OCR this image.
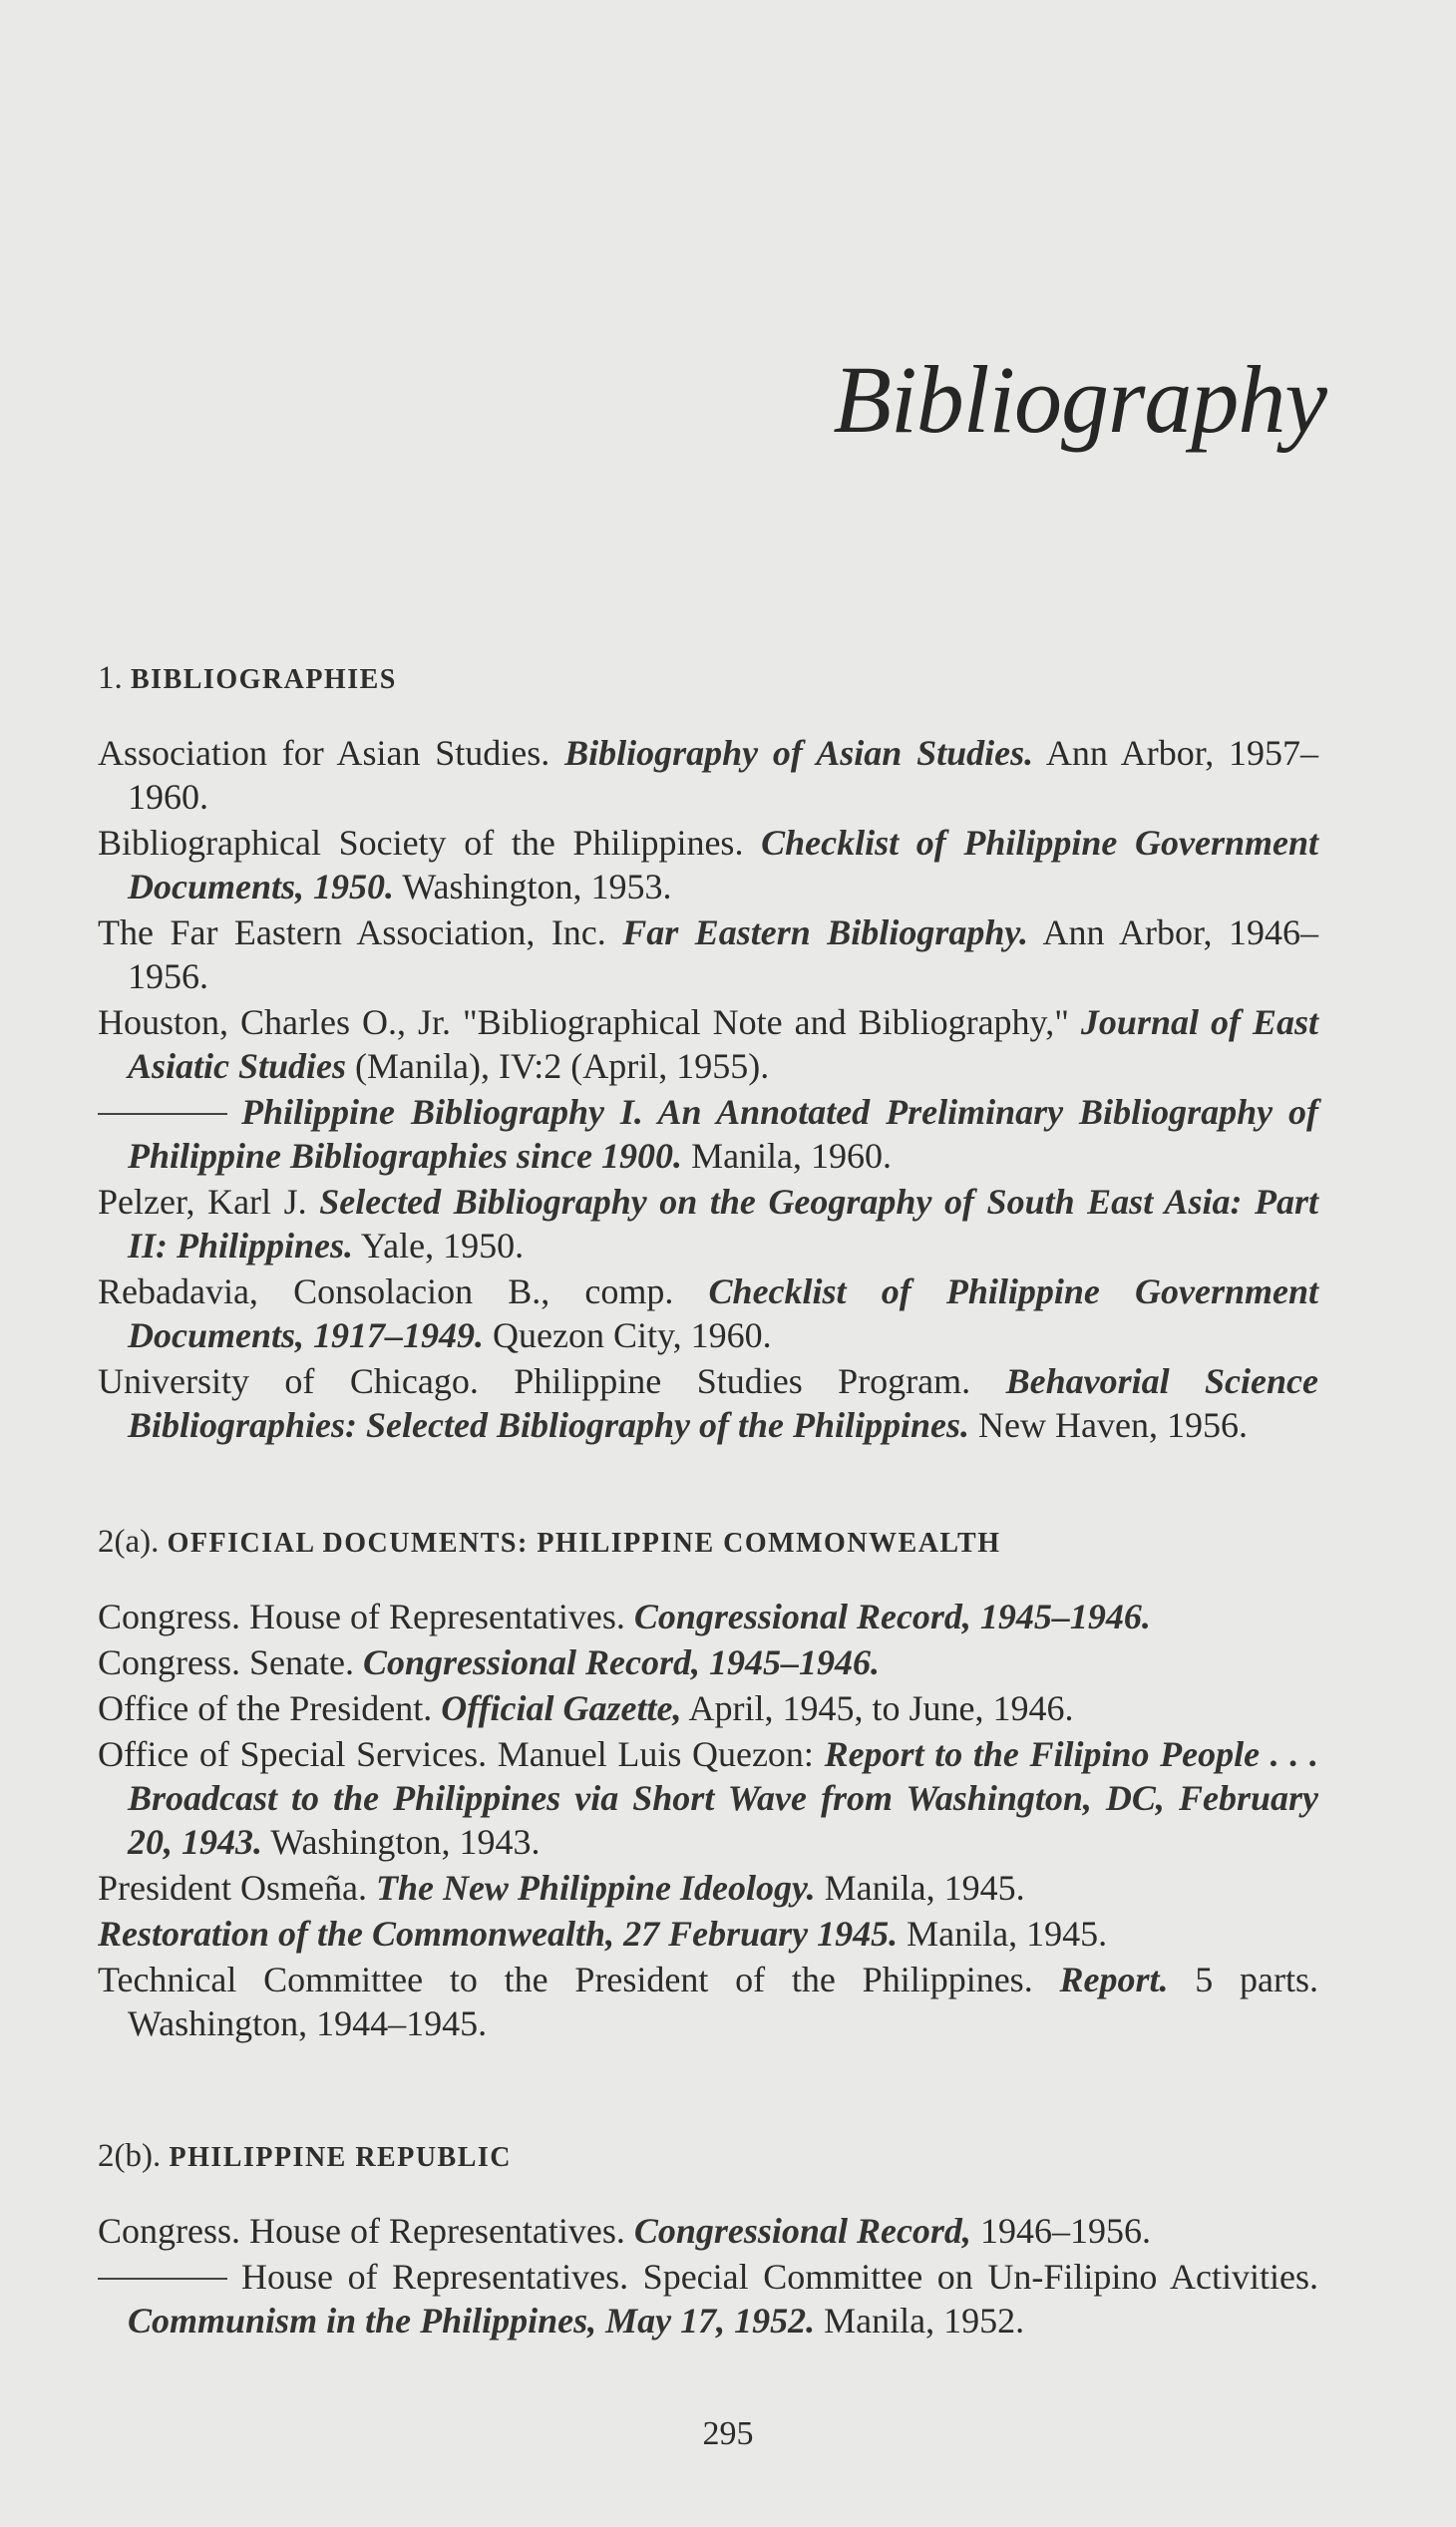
Bibliography
1. BIBLIOGRAPHIES
Association for Asian Studies. Bibliography of Asian Studies. Ann Arbor, 1957–1960.
Bibliographical Society of the Philippines. Checklist of Philippine Government Documents, 1950. Washington, 1953.
The Far Eastern Association, Inc. Far Eastern Bibliography. Ann Arbor, 1946–1956.
Houston, Charles O., Jr. "Bibliographical Note and Bibliography," Journal of East Asiatic Studies (Manila), IV:2 (April, 1955).
Philippine Bibliography I. An Annotated Preliminary Bibliography of Philippine Bibliographies since 1900. Manila, 1960.
Pelzer, Karl J. Selected Bibliography on the Geography of South East Asia: Part II: Philippines. Yale, 1950.
Rebadavia, Consolacion B., comp. Checklist of Philippine Government Documents, 1917–1949. Quezon City, 1960.
University of Chicago. Philippine Studies Program. Behavorial Science Bibliographies: Selected Bibliography of the Philippines. New Haven, 1956.
2(a). OFFICIAL DOCUMENTS: PHILIPPINE COMMONWEALTH
Congress. House of Representatives. Congressional Record, 1945–1946.
Congress. Senate. Congressional Record, 1945–1946.
Office of the President. Official Gazette, April, 1945, to June, 1946.
Office of Special Services. Manuel Luis Quezon: Report to the Filipino People . . . Broadcast to the Philippines via Short Wave from Washington, DC, February 20, 1943. Washington, 1943.
President Osmeña. The New Philippine Ideology. Manila, 1945.
Restoration of the Commonwealth, 27 February 1945. Manila, 1945.
Technical Committee to the President of the Philippines. Report. 5 parts. Washington, 1944–1945.
2(b). PHILIPPINE REPUBLIC
Congress. House of Representatives. Congressional Record, 1946–1956.
House of Representatives. Special Committee on Un-Filipino Activities. Communism in the Philippines, May 17, 1952. Manila, 1952.
295
